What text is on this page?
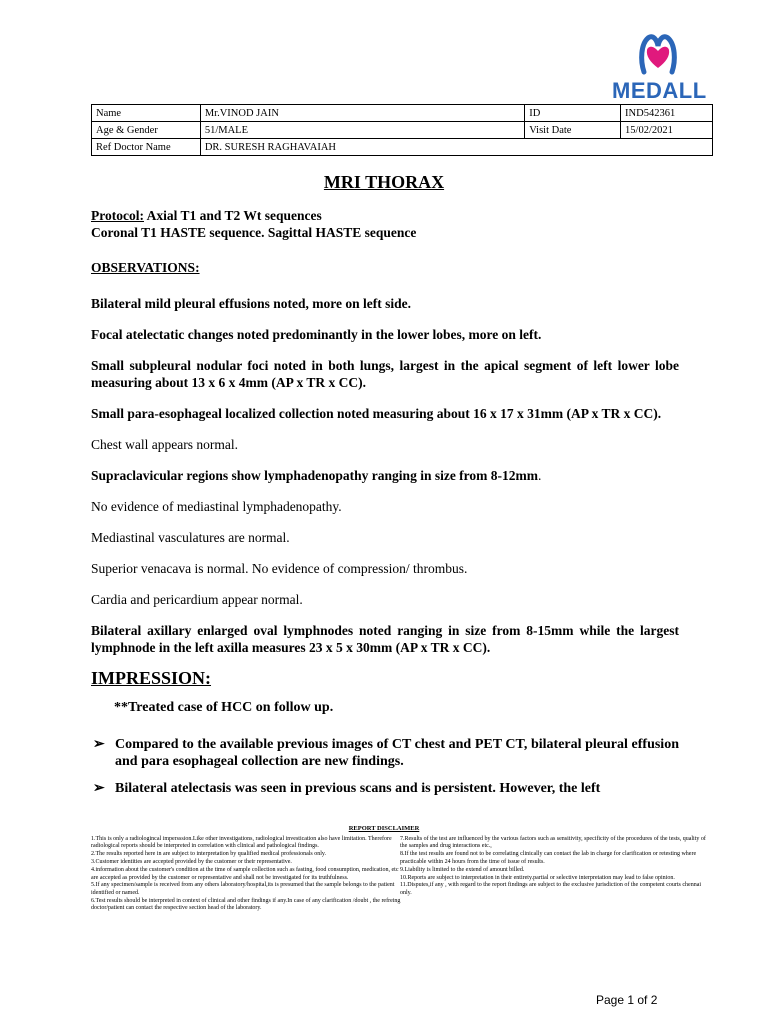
MEDALL
Name	Mr.VINOD JAIN	ID	IND542361
Age & Gender	51/MALE	Visit Date	15/02/2021
Ref Doctor Name	DR. SURESH RAGHAVAIAH		
MRI THORAX

Protocol: Axial T1 and T2 Wt sequences
Coronal T1 HASTE sequence. Sagittal HASTE sequence

OBSERVATIONS:

Bilateral mild pleural effusions noted, more on left side.

Focal atelectatic changes noted predominantly in the lower lobes, more on left.

Small subpleural nodular foci noted in both lungs, largest in the apical segment of left lower lobe measuring about 13 x 6 x 4mm (AP x TR x CC).

Small para-esophageal localized collection noted measuring about 16 x 17 x 31mm (AP x TR x CC).

Chest wall appears normal.

Supraclavicular regions show lymphadenopathy ranging in size from 8-12mm.

No evidence of mediastinal lymphadenopathy.

Mediastinal vasculatures are normal.

Superior venacava is normal. No evidence of compression/ thrombus.

Cardia and pericardium appear normal.

Bilateral axillary enlarged oval lymphnodes noted ranging in size from 8-15mm while the largest lymphnode in the left axilla measures 23 x 5 x 30mm (AP x TR x CC).

IMPRESSION:
**Treated case of HCC on follow up.
➢ Compared to the available previous images of CT chest and PET CT, bilateral pleural effusion and para esophageal collection are new findings.
➢ Bilateral atelectasis was seen in previous scans and is persistent. However, the left
REPORT DISCLAIMER

1.This is only a radiologincal impersssion.Like other investigations, radiological investication also have limitation. Therefore radiological reports should be interpreted in correlation with clinical and pathological findings.

2.The results reported here in are subject to interpretation by qualified medical professionals only.

3.Customer identities are accepted provided by the customer or their representative.

4.information about the customer's condition at the time of sample collection such as fasting, food consumption, medication, etc are accepted as provided by the customer or representative and shall not be investigated for its truthfulness.

5.If any specimen/sample is received from any others laboratory/hospital,its is presumed that the sample belongs to the patient identified or named.

6.Test results should be interpreted in context of clinical and other findings if any.In case of any clarification /doubt , the refreing doctor/patient can contact the respective section head of the laboratory.

7.Results of the test are influenced by the various factors such as sensitivity, specificity of the procedures of the tests, quality of the samples and drug interactions etc.,

8.If the test results are found not to be correlating clinically can contact the lab in charge for clarification or retesting where practicable within 24 hours from the time of issue of results.

9.Liability is limited to the extend of amount billed.

10.Reports are subject to interpretation in their entirety.partial or selective interpretation may lead to false opinion.

11.Disputes,if any , with regard to the report findings are subject to the exclusive jurisdiction of the competent courts chennai only.

Page 1 of 2
